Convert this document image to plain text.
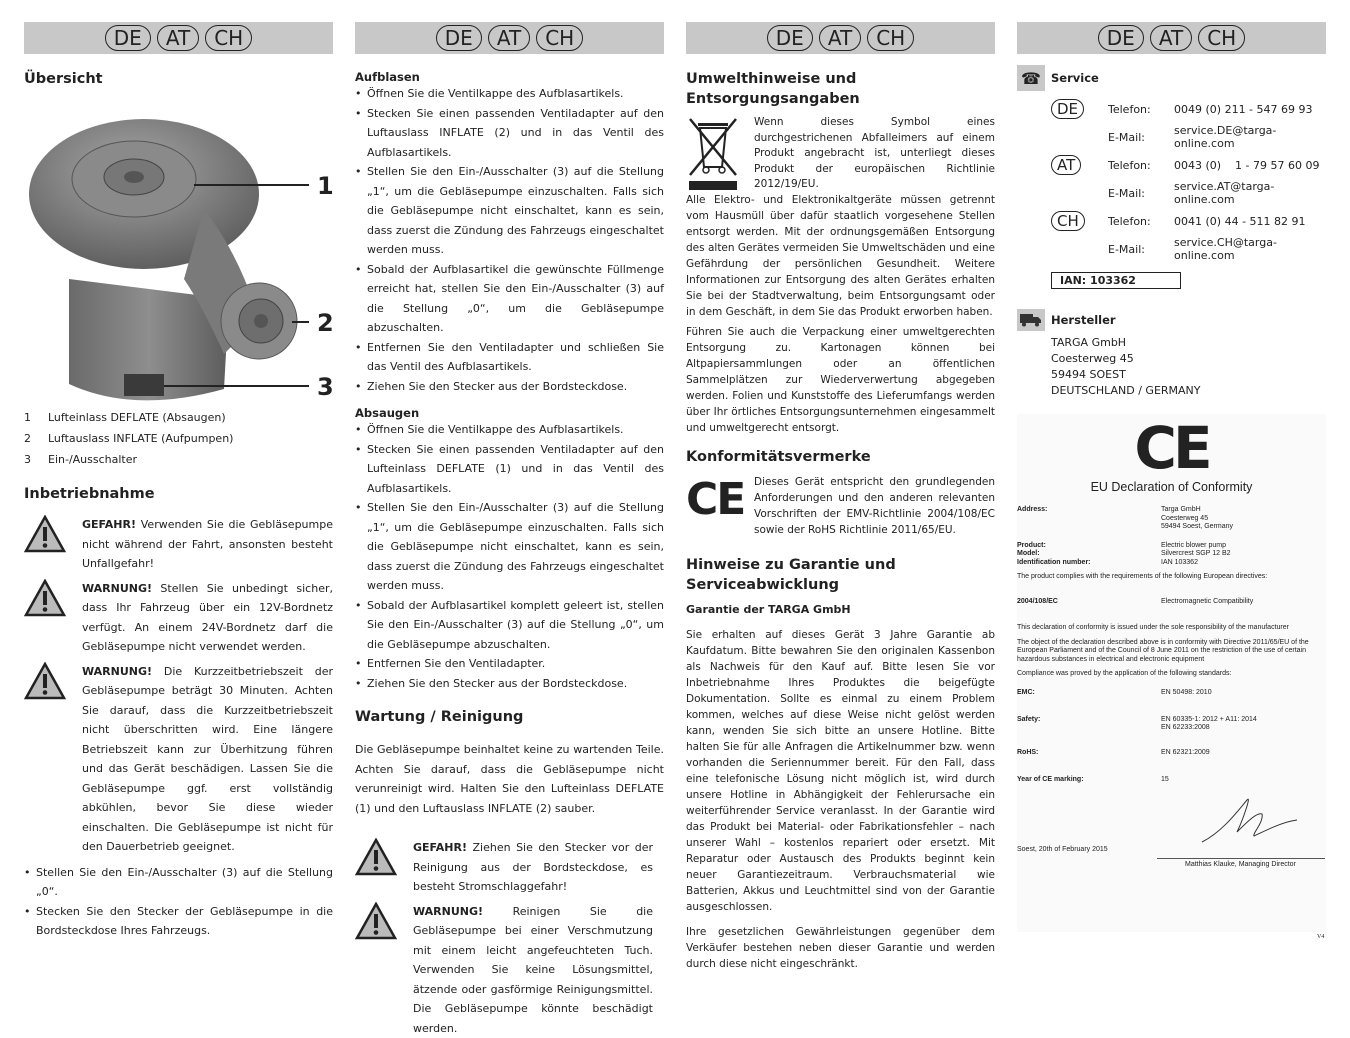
DE	AT	CH
Übersicht
1
2
3
1	Lufteinlass DEFLATE (Absaugen)
2	Luftauslass INFLATE (Aufpumpen)
3	Ein-/Ausschalter
Inbetriebnahme

GEFAHR! Verwenden Sie die Gebläsepumpe nicht während der Fahrt, ansonsten besteht Unfallgefahr!

WARNUNG! Stellen Sie unbedingt sicher, dass Ihr Fahrzeug über ein 12V-Bordnetz verfügt. An einem 24V-Bordnetz darf die Gebläsepumpe nicht verwendet werden.

WARNUNG! Die Kurzzeitbetriebszeit der Gebläsepumpe beträgt 30 Minuten. Achten Sie darauf, dass die Kurzzeitbetriebszeit nicht überschritten wird. Eine längere Betriebszeit kann zur Überhitzung führen und das Gerät beschädigen. Lassen Sie die Gebläsepumpe ggf. erst vollständig abkühlen, bevor Sie diese wieder einschalten. Die Gebläsepumpe ist nicht für den Dauerbetrieb geeignet.

• Stellen Sie den Ein-/Ausschalter (3) auf die Stellung „0“.
• Stecken Sie den Stecker der Gebläsepumpe in die Bordsteckdose Ihres Fahrzeugs.
DE	AT	CH
Aufblasen
• Öffnen Sie die Ventilkappe des Aufblasartikels.
• Stecken Sie einen passenden Ventiladapter auf den Luftauslass INFLATE (2) und in das Ventil des Aufblasartikels.
• Stellen Sie den Ein-/Ausschalter (3) auf die Stellung „1“, um die Gebläsepumpe einzuschalten. Falls sich die Gebläsepumpe nicht einschaltet, kann es sein, dass zuerst die Zündung des Fahrzeugs eingeschaltet werden muss.
• Sobald der Aufblasartikel die gewünschte Füllmenge erreicht hat, stellen Sie den Ein-/Ausschalter (3) auf die Stellung „0“, um die Gebläsepumpe abzuschalten.
• Entfernen Sie den Ventiladapter und schließen Sie das Ventil des Aufblasartikels.
• Ziehen Sie den Stecker aus der Bordsteckdose.
Absaugen
• Öffnen Sie die Ventilkappe des Aufblasartikels.
• Stecken Sie einen passenden Ventiladapter auf den Lufteinlass DEFLATE (1) und in das Ventil des Aufblasartikels.
• Stellen Sie den Ein-/Ausschalter (3) auf die Stellung „1“, um die Gebläsepumpe einzuschalten. Falls sich die Gebläsepumpe nicht einschaltet, kann es sein, dass zuerst die Zündung des Fahrzeugs eingeschaltet werden muss.
• Sobald der Aufblasartikel komplett geleert ist, stellen Sie den Ein-/Ausschalter (3) auf die Stellung „0“, um die Gebläsepumpe abzuschalten.
• Entfernen Sie den Ventiladapter.
• Ziehen Sie den Stecker aus der Bordsteckdose.
Wartung / Reinigung

Die Gebläsepumpe beinhaltet keine zu wartenden Teile. Achten Sie darauf, dass die Gebläsepumpe nicht verunreinigt wird. Halten Sie den Lufteinlass DEFLATE (1) und den Luftauslass INFLATE (2) sauber.

GEFAHR! Ziehen Sie den Stecker vor der Reinigung aus der Bordsteckdose, es besteht Stromschlaggefahr!

WARNUNG! Reinigen Sie die Gebläsepumpe bei einer Verschmutzung mit einem leicht angefeuchteten Tuch. Verwenden Sie keine Lösungsmittel, ätzende oder gasförmige Reinigungsmittel. Die Gebläsepumpe könnte beschädigt werden.

DE	AT	CH
Umwelthinweise und Entsorgungsangaben

Wenn dieses Symbol eines durchgestrichenen Abfalleimers auf einem Produkt angebracht ist, unterliegt dieses Produkt der europäischen Richtlinie 2012/19/EU.

Alle Elektro- und Elektronikaltgeräte müssen getrennt vom Hausmüll über dafür staatlich vorgesehene Stellen entsorgt werden. Mit der ordnungsgemäßen Entsorgung des alten Gerätes vermeiden Sie Umweltschäden und eine Gefährdung der persönlichen Gesundheit. Weitere Informationen zur Entsorgung des alten Gerätes erhalten Sie bei der Stadtverwaltung, beim Entsorgungsamt oder in dem Geschäft, in dem Sie das Produkt erworben haben.

Führen Sie auch die Verpackung einer umweltgerechten Entsorgung zu. Kartonagen können bei Altpapiersammlungen oder an öffentlichen Sammelplätzen zur Wiederverwertung abgegeben werden. Folien und Kunststoffe des Lieferumfangs werden über Ihr örtliches Entsorgungsunternehmen eingesammelt und umweltgerecht entsorgt.

Konformitätsvermerke
CE Dieses Gerät entspricht den grundlegenden Anforderungen und den anderen relevanten Vorschriften der EMV-Richtlinie 2004/108/EC sowie der RoHS Richtlinie 2011/65/EU.

Hinweise zu Garantie und Serviceabwicklung
Garantie der TARGA GmbH

Sie erhalten auf dieses Gerät 3 Jahre Garantie ab Kaufdatum. Bitte bewahren Sie den originalen Kassenbon als Nachweis für den Kauf auf. Bitte lesen Sie vor Inbetriebnahme Ihres Produktes die beigefügte Dokumentation. Sollte es einmal zu einem Problem kommen, welches auf diese Weise nicht gelöst werden kann, wenden Sie sich bitte an unsere Hotline. Bitte halten Sie für alle Anfragen die Artikelnummer bzw. wenn vorhanden die Seriennummer bereit. Für den Fall, dass eine telefonische Lösung nicht möglich ist, wird durch unsere Hotline in Abhängigkeit der Fehlerursache ein weiterführender Service veranlasst. In der Garantie wird das Produkt bei Material- oder Fabrikationsfehler – nach unserer Wahl – kostenlos repariert oder ersetzt. Mit Reparatur oder Austausch des Produkts beginnt kein neuer Garantiezeitraum. Verbrauchsmaterial wie Batterien, Akkus und Leuchtmittel sind von der Garantie ausgeschlossen.

Ihre gesetzlichen Gewährleistungen gegenüber dem Verkäufer bestehen neben dieser Garantie und werden durch diese nicht eingeschränkt.

DE	AT	CH
☎ Service
DE	Telefon:	0049 (0) 211 - 547 69 93
	E-Mail:	service.DE@targa-online.com
AT	Telefon:	0043 (0)    1 - 79 57 60 09
	E-Mail:	service.AT@targa-online.com
CH	Telefon:	0041 (0) 44 - 511 82 91
	E-Mail:	service.CH@targa-online.com
IAN: 103362
Hersteller
TARGA GmbH
Coesterweg 45
59494 SOEST
DEUTSCHLAND / GERMANY
CE
EU Declaration of Conformity
Address:	Targa GmbH
Coesterweg 45
59494 Soest, Germany

Product:	Electric blower pump
Model:	Silvercrest SGP 12 B2
Identification number:	IAN 103362
The product complies with the requirements of the following European directives:
2004/108/EC	Electromagnetic Compatibility
This declaration of conformity is issued under the sole responsibility of the manufacturer

The object of the declaration described above is in conformity with Directive 2011/65/EU of the European Parliament and of the Council of 8 June 2011 on the restriction of the use of certain hazardous substances in electrical and electronic equipment

Compliance was proved by the application of the following standards:
EMC:	EN 50498: 2010
Safety:	EN 60335-1: 2012 + A11: 2014
EN 62233:2008

RoHS:	EN 62321:2009
Year of CE marking:	15
Soest, 20th of February 2015
Matthias Klauke, Managing Director
V4
